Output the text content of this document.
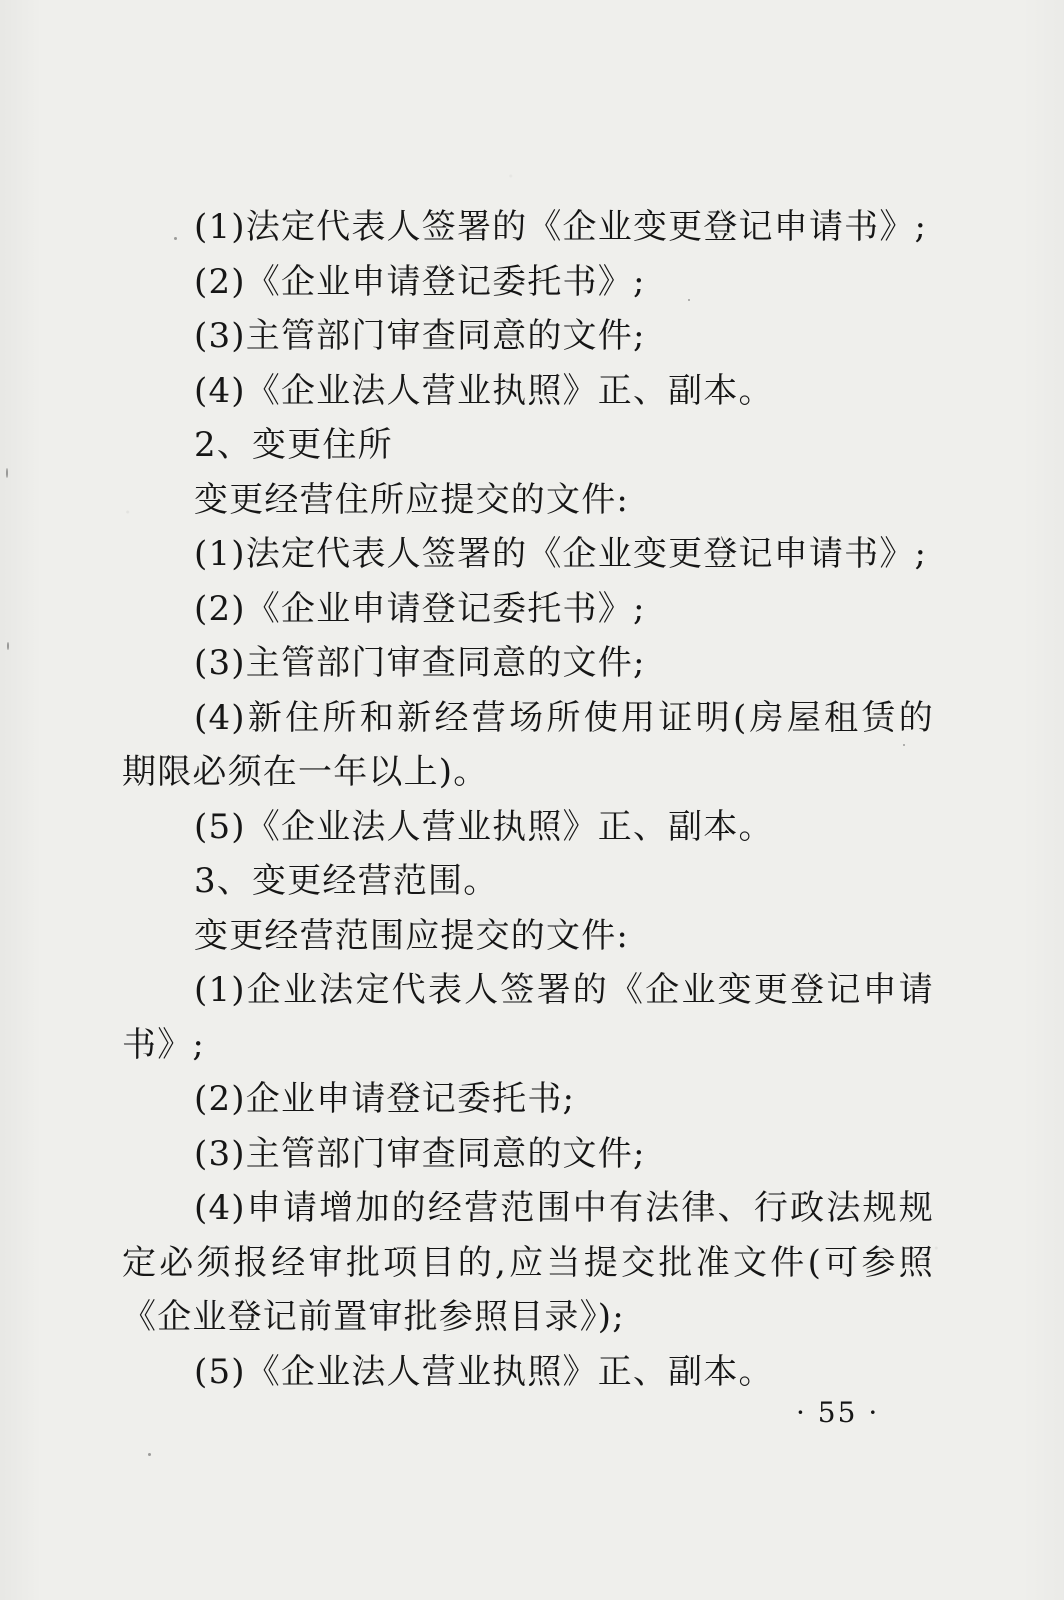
(1)法定代表人签署的《企业变更登记申请书》;
(2)《企业申请登记委托书》;
(3)主管部门审查同意的文件;
(4)《企业法人营业执照》正、副本。
2、变更住所
变更经营住所应提交的文件:
(1)法定代表人签署的《企业变更登记申请书》;
(2)《企业申请登记委托书》;
(3)主管部门审查同意的文件;
(4)新住所和新经营场所使用证明(房屋租赁的
期限必须在一年以上)。
(5)《企业法人营业执照》正、副本。
3、变更经营范围。
变更经营范围应提交的文件:
(1)企业法定代表人签署的《企业变更登记申请
书》;
(2)企业申请登记委托书;
(3)主管部门审查同意的文件;
(4)申请增加的经营范围中有法律、行政法规规
定必须报经审批项目的,应当提交批准文件(可参照
《企业登记前置审批参照目录》);
(5)《企业法人营业执照》正、副本。
· 55 ·
